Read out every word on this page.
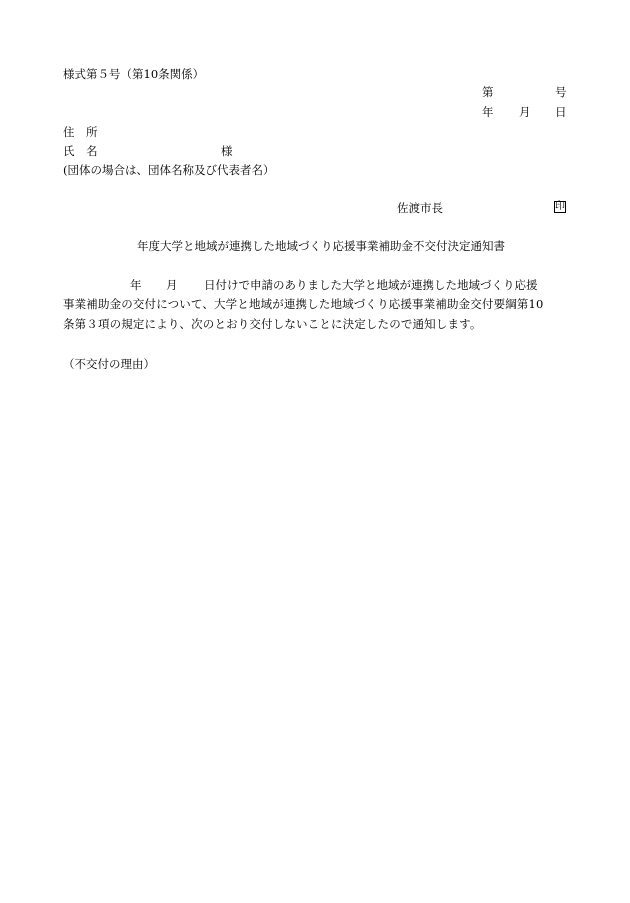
様式第５号（第10条関係）
第	号
年 月 日
住　所
氏　名	様
(団体の場合は、団体名称及び代表者名）
佐渡市長	印
年度大学と地域が連携した地域づくり応援事業補助金不交付決定通知書
年 月 日付けで申請のありました大学と地域が連携した地域づくり応援
事業補助金の交付について、大学と地域が連携した地域づくり応援事業補助金交付要綱第10
条第３項の規定により、次のとおり交付しないことに決定したので通知します。
（不交付の理由）
